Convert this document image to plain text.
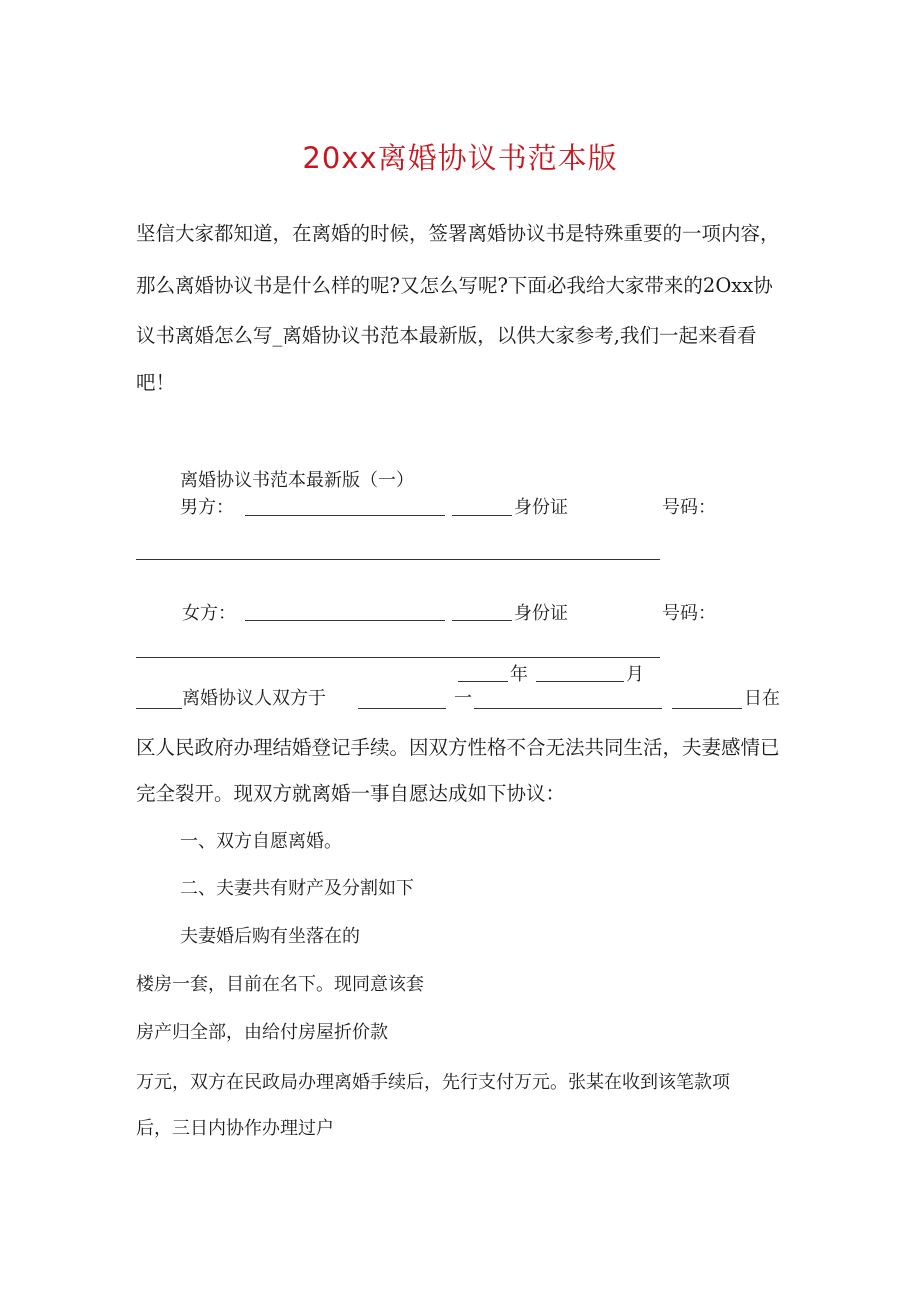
20xx离婚协议书范本版
坚信大家都知道，在离婚的时候，签署离婚协议书是特殊重要的一项内容，
那么离婚协议书是什么样的呢?又怎么写呢?下面必我给大家带来的2Oxx协
议书离婚怎么写_离婚协议书范本最新版，以供大家参考,我们一起来看看
吧！
离婚协议书范本最新版（一）
男方：	身份证	号码：
女方：	身份证	号码：
年	月
离婚协议人双方于	一	日在
区人民政府办理结婚登记手续。因双方性格不合无法共同生活，夫妻感情已
完全裂开。现双方就离婚一事自愿达成如下协议：
一、双方自愿离婚。
二、夫妻共有财产及分割如下
夫妻婚后购有坐落在的
楼房一套，目前在名下。现同意该套
房产归全部，由给付房屋折价款
万元，双方在民政局办理离婚手续后，先行支付万元。张某在收到该笔款项
后，三日内协作办理过户
